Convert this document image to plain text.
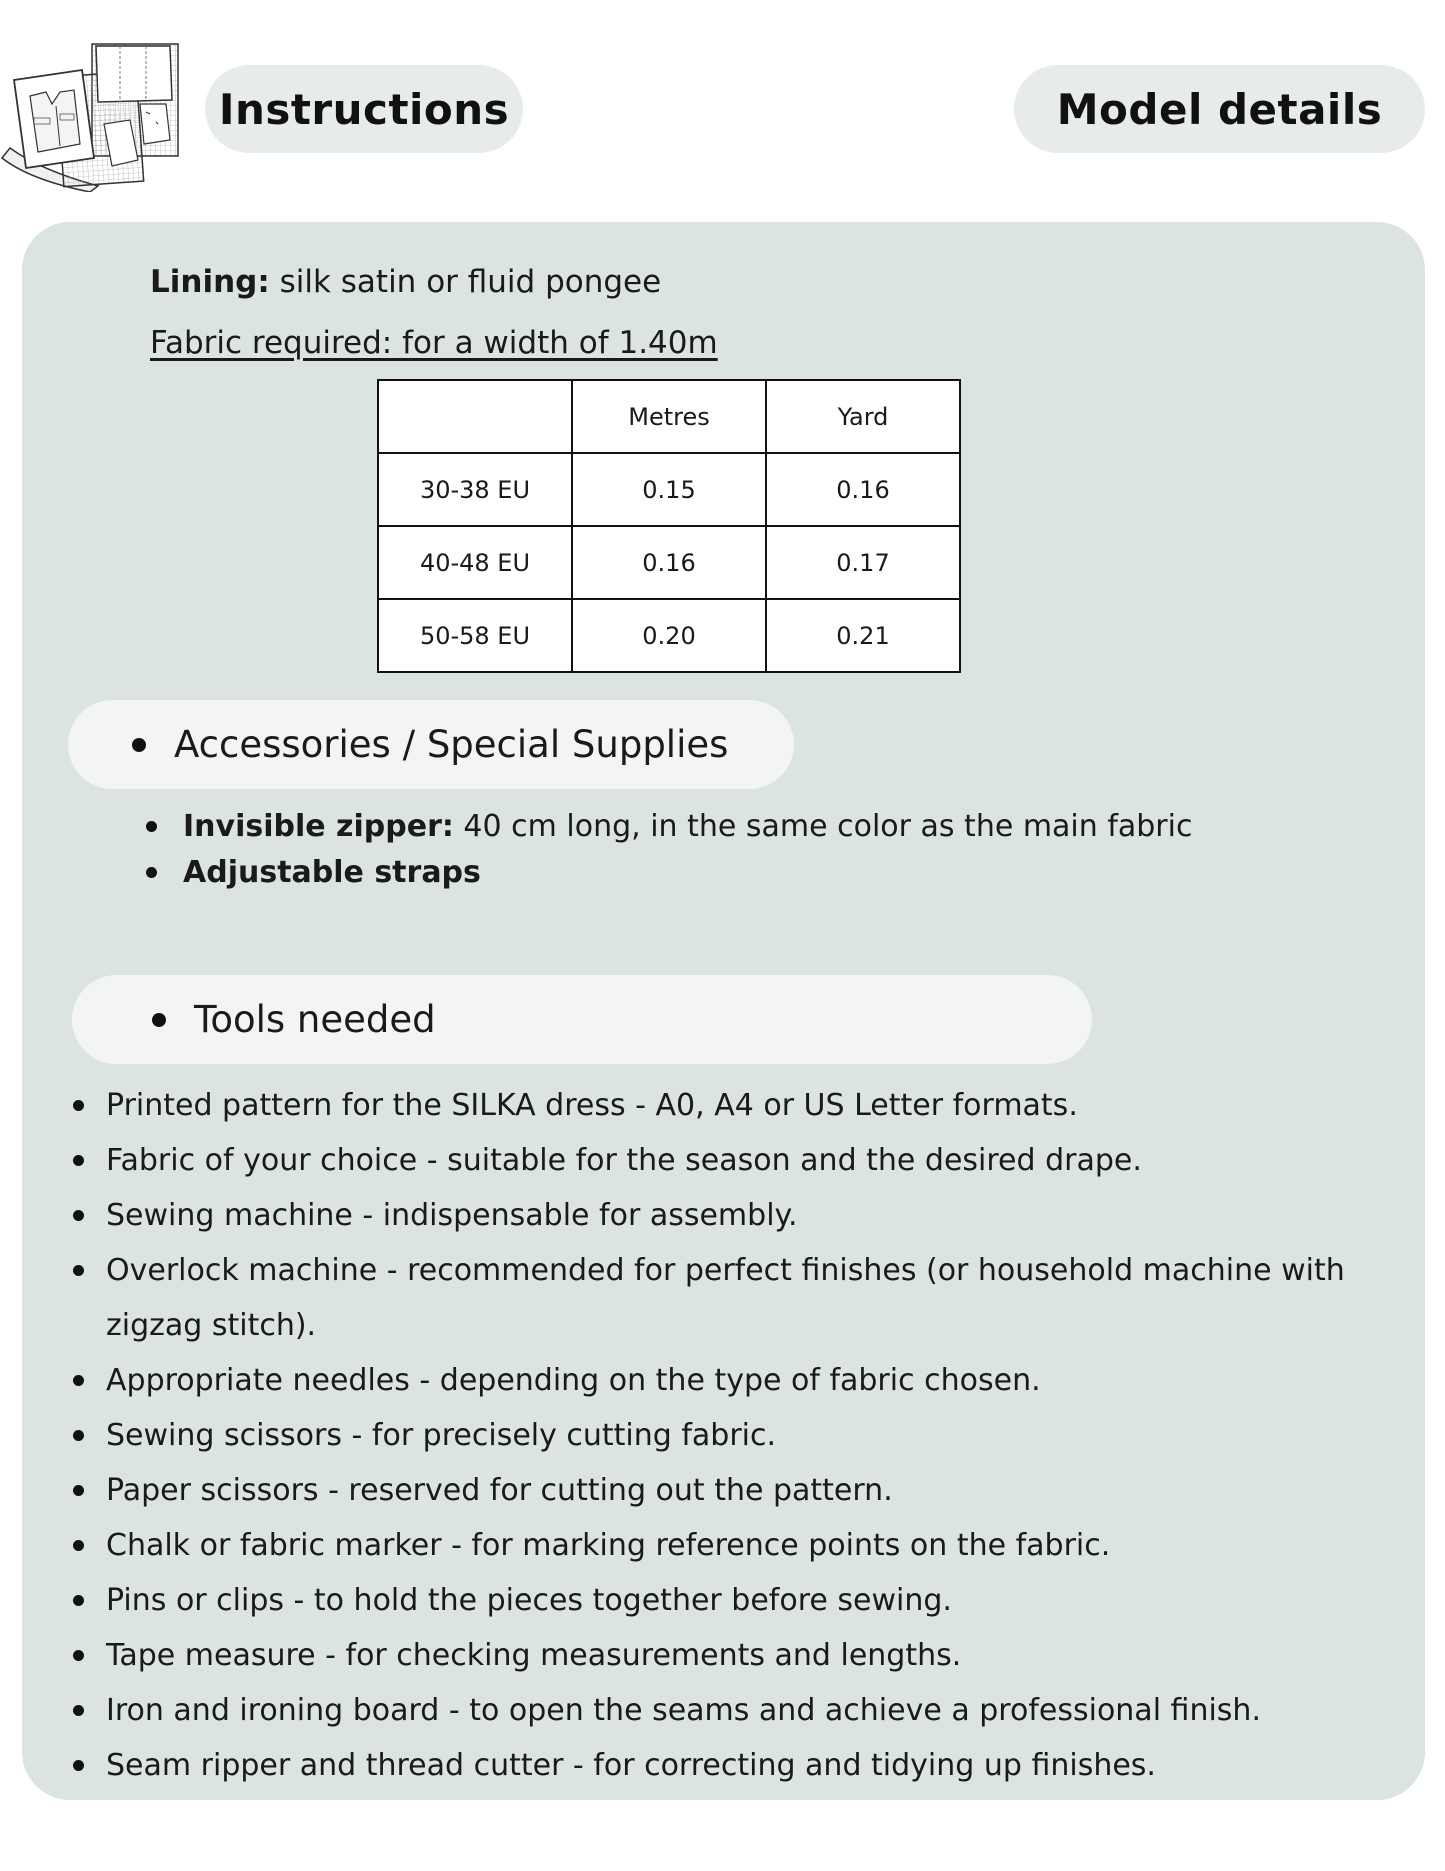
Instructions	Model details
Lining: silk satin or fluid pongee
Fabric required: for a width of 1.40m
	Metres	Yard
30-38 EU	0.15	0.16
40-48 EU	0.16	0.17
50-58 EU	0.20	0.21
Accessories / Special Supplies
Invisible zipper: 40 cm long, in the same color as the main fabric
Adjustable straps
Tools needed
Printed pattern for the SILKA dress - A0, A4 or US Letter formats.
Fabric of your choice - suitable for the season and the desired drape.
Sewing machine - indispensable for assembly.
Overlock machine - recommended for perfect finishes (or household machine with zigzag stitch).
Appropriate needles - depending on the type of fabric chosen.
Sewing scissors - for precisely cutting fabric.
Paper scissors - reserved for cutting out the pattern.
Chalk or fabric marker - for marking reference points on the fabric.
Pins or clips - to hold the pieces together before sewing.
Tape measure - for checking measurements and lengths.
Iron and ironing board - to open the seams and achieve a professional finish.
Seam ripper and thread cutter - for correcting and tidying up finishes.
